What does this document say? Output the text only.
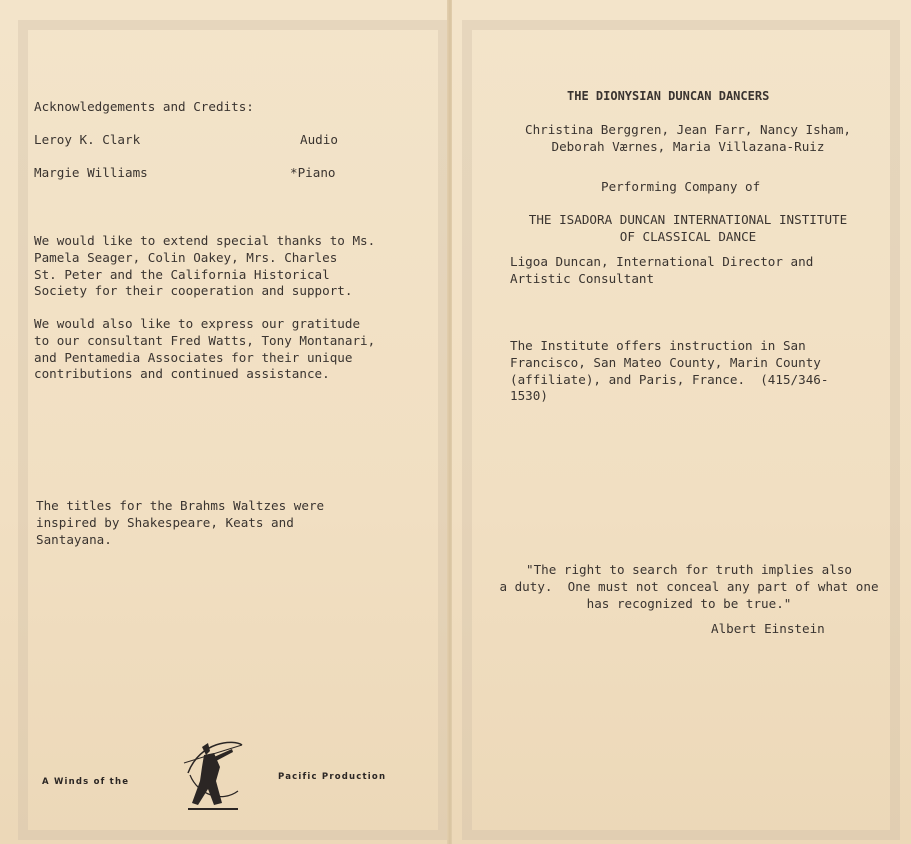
Acknowledgements and Credits:

Leroy K. Clark	Audio

Margie Williams	*Piano

We would like to extend special thanks to Ms.
Pamela Seager, Colin Oakey, Mrs. Charles
St. Peter and the California Historical
Society for their cooperation and support.

We would also like to express our gratitude
to our consultant Fred Watts, Tony Montanari,
and Pentamedia Associates for their unique
contributions and continued assistance.

The titles for the Brahms Waltzes were
inspired by Shakespeare, Keats and
Santayana.

A Winds of the	Pacific Production

THE DIONYSIAN DUNCAN DANCERS

Christina Berggren, Jean Farr, Nancy Isham,
Deborah Værnes, Maria Villazana-Ruiz

Performing Company of

THE ISADORA DUNCAN INTERNATIONAL INSTITUTE
OF CLASSICAL DANCE

Ligoa Duncan, International Director and
Artistic Consultant

The Institute offers instruction in San
Francisco, San Mateo County, Marin County
(affiliate), and Paris, France.  (415/346-
1530)

"The right to search for truth implies also
a duty.  One must not conceal any part of what one
has recognized to be true."

Albert Einstein
